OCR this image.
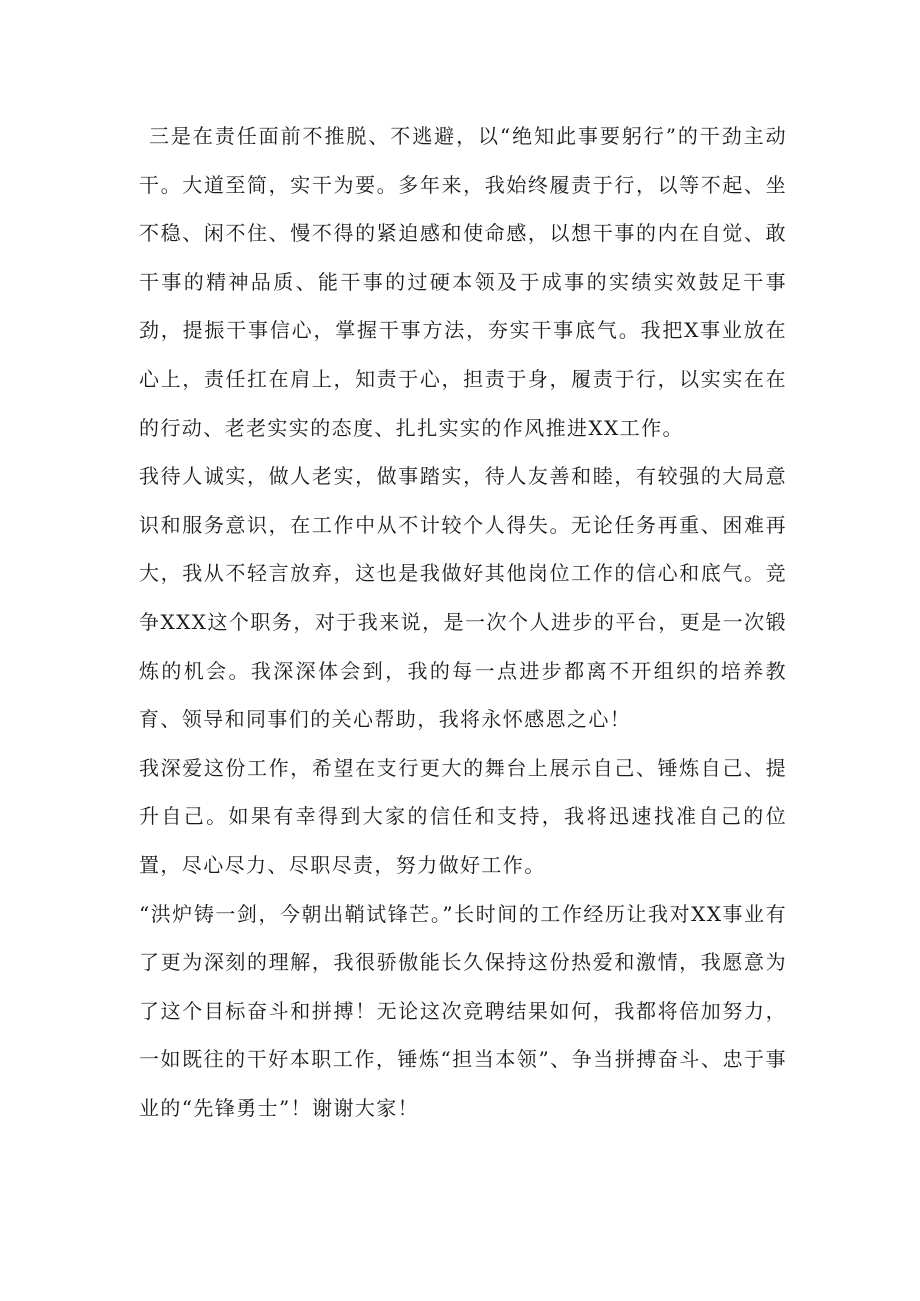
三是在责任面前不推脱、不逃避，以“绝知此事要躬行”的干劲主动干。大道至简，实干为要。多年来，我始终履责于行，以等不起、坐不稳、闲不住、慢不得的紧迫感和使命感，以想干事的内在自觉、敢干事的精神品质、能干事的过硬本领及于成事的实绩实效鼓足干事劲，提振干事信心，掌握干事方法，夯实干事底气。我把X事业放在心上，责任扛在肩上，知责于心，担责于身，履责于行，以实实在在的行动、老老实实的态度、扎扎实实的作风推进XX工作。

我待人诚实，做人老实，做事踏实，待人友善和睦，有较强的大局意识和服务意识，在工作中从不计较个人得失。无论任务再重、困难再大，我从不轻言放弃，这也是我做好其他岗位工作的信心和底气。竞争XXX这个职务，对于我来说，是一次个人进步的平台，更是一次锻炼的机会。我深深体会到，我的每一点进步都离不开组织的培养教育、领导和同事们的关心帮助，我将永怀感恩之心！

我深爱这份工作，希望在支行更大的舞台上展示自己、锤炼自己、提升自己。如果有幸得到大家的信任和支持，我将迅速找准自己的位置，尽心尽力、尽职尽责，努力做好工作。

“洪炉铸一剑，今朝出鞘试锋芒。”长时间的工作经历让我对XX事业有了更为深刻的理解，我很骄傲能长久保持这份热爱和激情，我愿意为了这个目标奋斗和拼搏！无论这次竞聘结果如何，我都将倍加努力，一如既往的干好本职工作，锤炼“担当本领”、争当拼搏奋斗、忠于事业的“先锋勇士”！谢谢大家！
